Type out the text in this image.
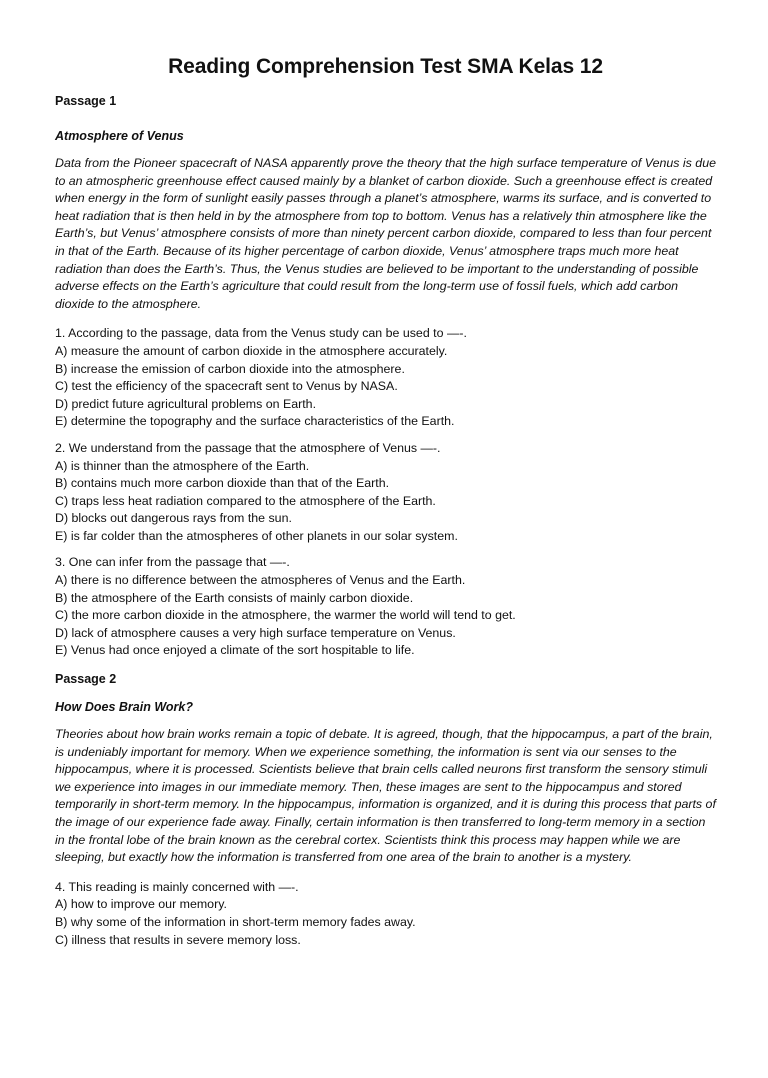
Reading Comprehension Test SMA Kelas 12
Passage 1
Atmosphere of Venus

Data from the Pioneer spacecraft of NASA apparently prove the theory that the high surface temperature of Venus is due to an atmospheric greenhouse effect caused mainly by a blanket of carbon dioxide. Such a greenhouse effect is created when energy in the form of sunlight easily passes through a planet’s atmosphere, warms its surface, and is converted to heat radiation that is then held in by the atmosphere from top to bottom. Venus has a relatively thin atmosphere like the Earth’s, but Venus’ atmosphere consists of more than ninety percent carbon dioxide, compared to less than four percent in that of the Earth. Because of its higher percentage of carbon dioxide, Venus’ atmosphere traps much more heat radiation than does the Earth’s. Thus, the Venus studies are believed to be important to the understanding of possible adverse effects on the Earth’s agriculture that could result from the long-term use of fossil fuels, which add carbon dioxide to the atmosphere.

1. According to the passage, data from the Venus study can be used to —-.
A) measure the amount of carbon dioxide in the atmosphere accurately.
B) increase the emission of carbon dioxide into the atmosphere.
C) test the efficiency of the spacecraft sent to Venus by NASA.
D) predict future agricultural problems on Earth.
E) determine the topography and the surface characteristics of the Earth.
2. We understand from the passage that the atmosphere of Venus —-.
A) is thinner than the atmosphere of the Earth.
B) contains much more carbon dioxide than that of the Earth.
C) traps less heat radiation compared to the atmosphere of the Earth.
D) blocks out dangerous rays from the sun.
E) is far colder than the atmospheres of other planets in our solar system.
3. One can infer from the passage that —-.
A) there is no difference between the atmospheres of Venus and the Earth.
B) the atmosphere of the Earth consists of mainly carbon dioxide.
C) the more carbon dioxide in the atmosphere, the warmer the world will tend to get.
D) lack of atmosphere causes a very high surface temperature on Venus.
E) Venus had once enjoyed a climate of the sort hospitable to life.
Passage 2
How Does Brain Work?

Theories about how brain works remain a topic of debate. It is agreed, though, that the hippocampus, a part of the brain, is undeniably important for memory. When we experience something, the information is sent via our senses to the hippocampus, where it is processed. Scientists believe that brain cells called neurons first transform the sensory stimuli we experience into images in our immediate memory. Then, these images are sent to the hippocampus and stored temporarily in short-term memory. In the hippocampus, information is organized, and it is during this process that parts of the image of our experience fade away. Finally, certain information is then transferred to long-term memory in a section in the frontal lobe of the brain known as the cerebral cortex. Scientists think this process may happen while we are sleeping, but exactly how the information is transferred from one area of the brain to another is a mystery.

4. This reading is mainly concerned with —-.
A) how to improve our memory.
B) why some of the information in short-term memory fades away.
C) illness that results in severe memory loss.
